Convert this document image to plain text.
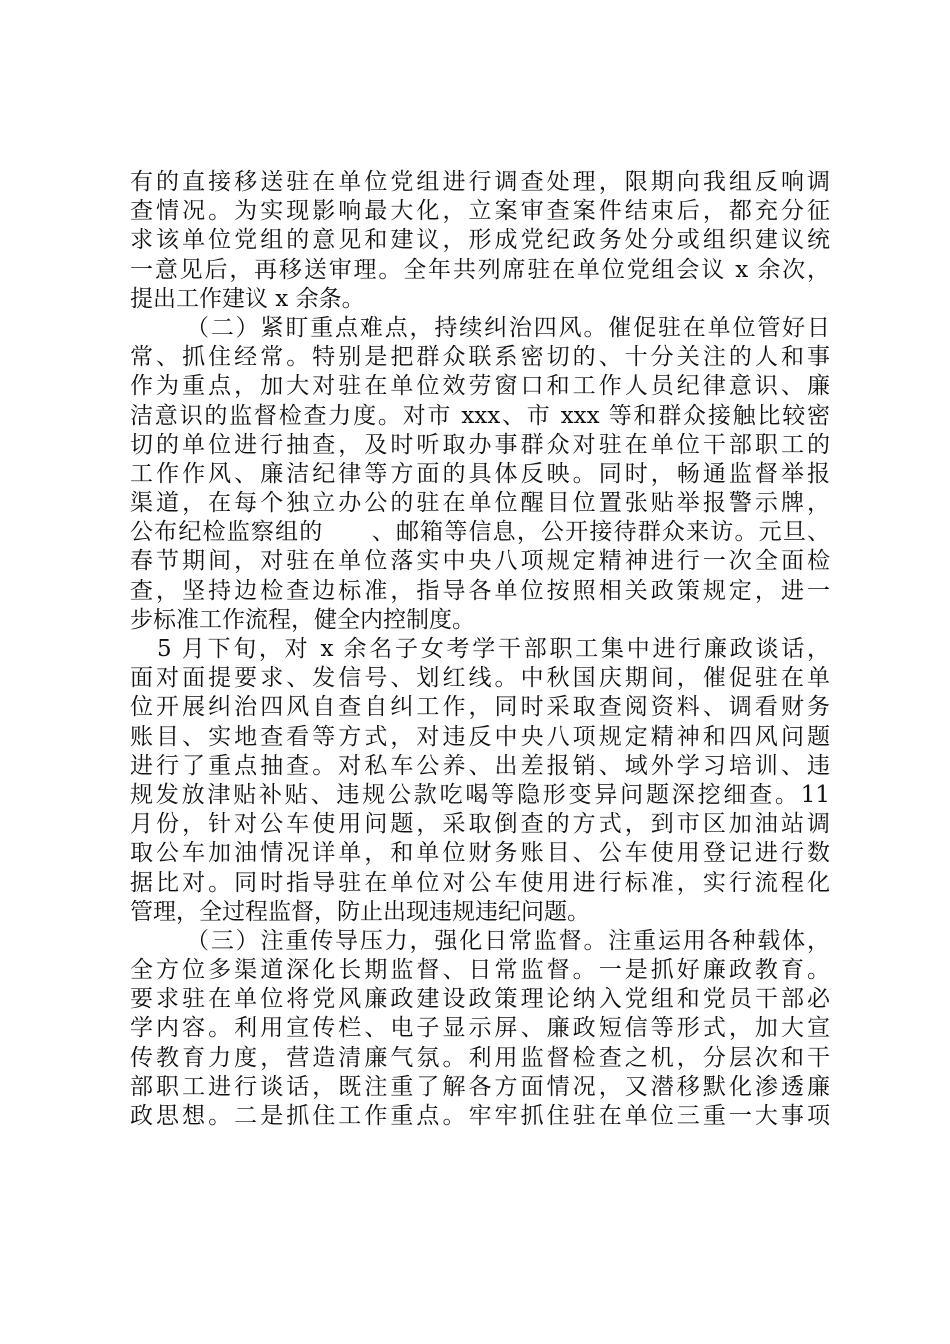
有的直接移送驻在单位党组进行调查处理，限期向我组反响调
查情况。为实现影响最大化，立案审查案件结束后，都充分征
求该单位党组的意见和建议，形成党纪政务处分或组织建议统
一意见后，再移送审理。全年共列席驻在单位党组会议 x 余次，
提出工作建议 x 余条。
（二）紧盯重点难点，持续纠治四风。催促驻在单位管好日
常、抓住经常。特别是把群众联系密切的、十分关注的人和事
作为重点，加大对驻在单位效劳窗口和工作人员纪律意识、廉
洁意识的监督检查力度。对市 xxx、市 xxx 等和群众接触比较密
切的单位进行抽查，及时听取办事群众对驻在单位干部职工的
工作作风、廉洁纪律等方面的具体反映。同时，畅通监督举报
渠道，在每个独立办公的驻在单位醒目位置张贴举报警示牌，
公布纪检监察组的　　、邮箱等信息，公开接待群众来访。元旦、
春节期间，对驻在单位落实中央八项规定精神进行一次全面检
查，坚持边检查边标准，指导各单位按照相关政策规定，进一
步标准工作流程，健全内控制度。
5 月下旬，对 x 余名子女考学干部职工集中进行廉政谈话，
面对面提要求、发信号、划红线。中秋国庆期间，催促驻在单
位开展纠治四风自查自纠工作，同时采取查阅资料、调看财务
账目、实地查看等方式，对违反中央八项规定精神和四风问题
进行了重点抽查。对私车公养、出差报销、域外学习培训、违
规发放津贴补贴、违规公款吃喝等隐形变异问题深挖细查。11
月份，针对公车使用问题，采取倒查的方式，到市区加油站调
取公车加油情况详单，和单位财务账目、公车使用登记进行数
据比对。同时指导驻在单位对公车使用进行标准，实行流程化
管理，全过程监督，防止出现违规违纪问题。
（三）注重传导压力，强化日常监督。注重运用各种载体，
全方位多渠道深化长期监督、日常监督。一是抓好廉政教育。
要求驻在单位将党风廉政建设政策理论纳入党组和党员干部必
学内容。利用宣传栏、电子显示屏、廉政短信等形式，加大宣
传教育力度，营造清廉气氛。利用监督检查之机，分层次和干
部职工进行谈话，既注重了解各方面情况，又潜移默化渗透廉
政思想。二是抓住工作重点。牢牢抓住驻在单位三重一大事项
